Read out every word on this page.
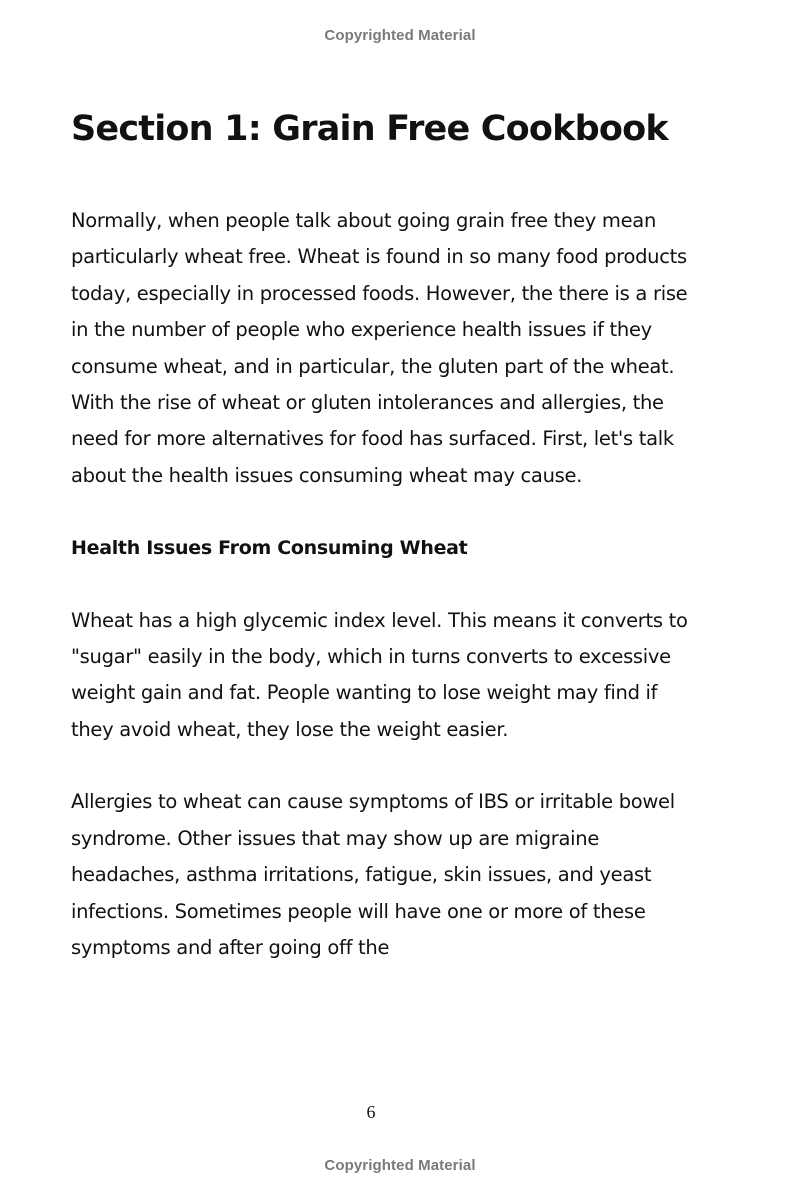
Copyrighted Material
Section 1: Grain Free Cookbook

Normally, when people talk about going grain free they mean particularly wheat free. Wheat is found in so many food products today, especially in processed foods. However, the there is a rise in the number of people who experience health issues if they consume wheat, and in particular, the gluten part of the wheat. With the rise of wheat or gluten intolerances and allergies, the need for more alternatives for food has surfaced. First, let's talk about the health issues consuming wheat may cause.

Health Issues From Consuming Wheat

Wheat has a high glycemic index level. This means it converts to "sugar" easily in the body, which in turns converts to excessive weight gain and fat. People wanting to lose weight may find if they avoid wheat, they lose the weight easier.

Allergies to wheat can cause symptoms of IBS or irritable bowel syndrome. Other issues that may show up are migraine headaches, asthma irritations, fatigue, skin issues, and yeast infections. Sometimes people will have one or more of these symptoms and after going off the

6
Copyrighted Material
